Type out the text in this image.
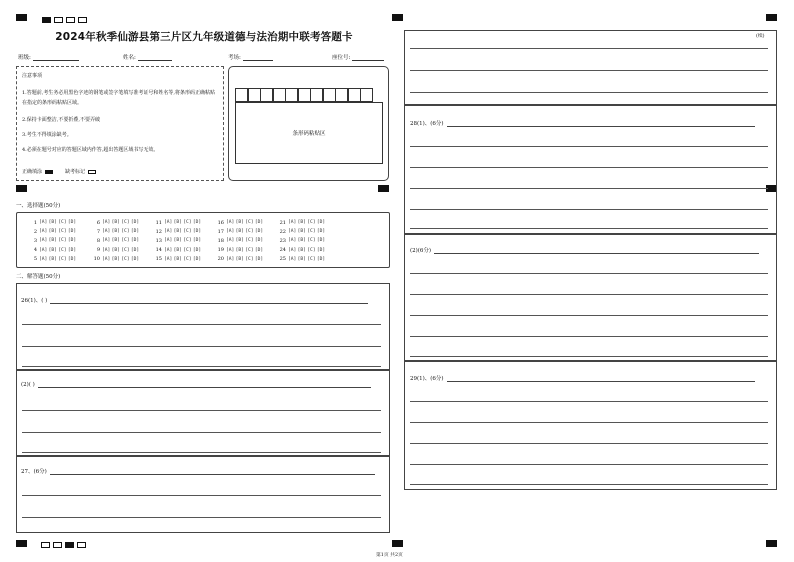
2024年秋季仙游县第三片区九年级道德与法治期中联考答题卡
班级:	姓名:	考场:	座位号:
注意事项
1.答题前,考生务必用黑色字迹的钢笔或签字笔填写准考证号和姓名等,将条形码正确粘贴在指定的条形码粘贴区域。
2.保持卡面整洁,不要折叠,不要弄破
3.考生不得填涂缺考。
4.必须在题号对应的答题区域内作答,超出答题区域书写无效。
正确填涂	缺考标记
条形码粘贴区
一、选择题(50分)
1 [A] [B] [C] [D]
2 [A] [B] [C] [D]
3 [A] [B] [C] [D]
4 [A] [B] [C] [D]
5 [A] [B] [C] [D]
6 [A] [B] [C] [D]
7 [A] [B] [C] [D]
8 [A] [B] [C] [D]
9 [A] [B] [C] [D]
10 [A] [B] [C] [D]
11 [A] [B] [C] [D]
12 [A] [B] [C] [D]
13 [A] [B] [C] [D]
14 [A] [B] [C] [D]
15 [A] [B] [C] [D]
16 [A] [B] [C] [D]
17 [A] [B] [C] [D]
18 [A] [B] [C] [D]
19 [A] [B] [C] [D]
20 [A] [B] [C] [D]
21 [A] [B] [C] [D]
22 [A] [B] [C] [D]
23 [A] [B] [C] [D]
24 [A] [B] [C] [D]
25 [A] [B] [C] [D]
二、解答题(50分)
26(1)、( )
(2)( )
27、(6分)
(续)
28(1)、(6分)
(2)(6分)
29(1)、(6分)
第1页 共2页
